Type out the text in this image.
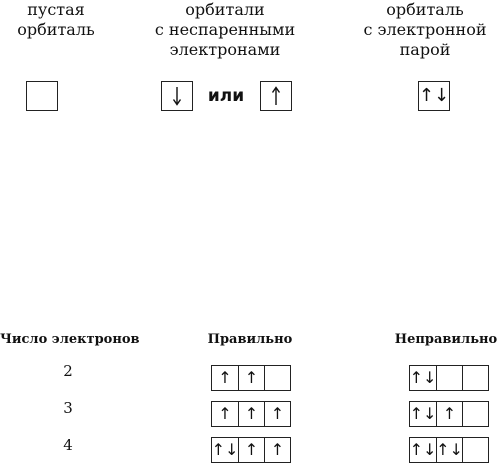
пустая
орбиталь
орбитали
с неспаренными
электронами
орбиталь
с электронной
парой
или	↑↓
Число электронов	Правильно	Неправильно
2	↑ ↑	↑↓
3	↑ ↑ ↑	↑↓ ↑
4	↑↓ ↑ ↑	↑↓ ↑↓
